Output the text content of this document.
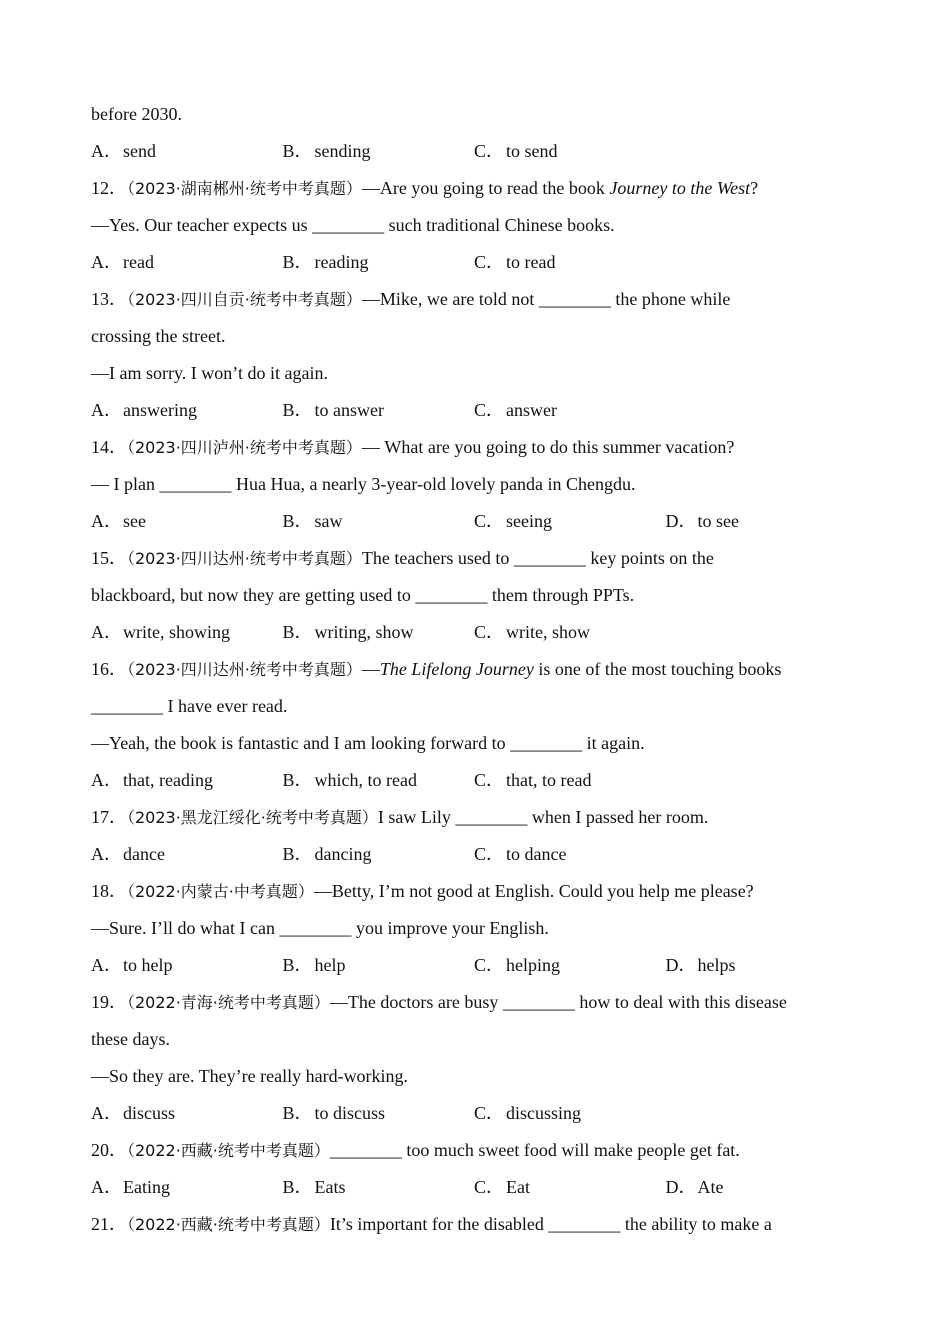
before 2030.
A．send	B． sending	C． to send
12．（2023·湖南郴州·统考中考真题）—Are you going to read the book Journey to the West?
—Yes. Our teacher expects us ________ such traditional Chinese books.
A．read	B． reading	C． to read
13．（2023·四川自贡·统考中考真题）—Mike, we are told not ________ the phone while
crossing the street.
—I am sorry. I won’t do it again.
A．answering	B． to answer	C． answer
14．（2023·四川泸州·统考中考真题）— What are you going to do this summer vacation?
— I plan ________ Hua Hua, a nearly 3-year-old lovely panda in Chengdu.
A．see	B． saw	C． seeing	D．to see
15．（2023·四川达州·统考中考真题）The teachers used to ________ key points on the
blackboard, but now they are getting used to ________ them through PPTs.
A．write, showing	B． writing, show	C． write, show
16．（2023·四川达州·统考中考真题）—The Lifelong Journey is one of the most touching books
________ I have ever read.
—Yeah, the book is fantastic and I am looking forward to ________ it again.
A．that, reading	B． which, to read	C． that, to read
17．（2023·黑龙江绥化·统考中考真题）I saw Lily ________ when I passed her room.
A．dance	B． dancing	C． to dance
18．（2022·内蒙古·中考真题）—Betty, I’m not good at English. Could you help me please?
—Sure. I’ll do what I can ________ you improve your English.
A．to help	B． help	C． helping	D．helps
19．（2022·青海·统考中考真题）—The doctors are busy ________ how to deal with this disease
these days.
—So they are. They’re really hard-working.
A．discuss	B． to discuss	C． discussing
20．（2022·西藏·统考中考真题）________ too much sweet food will make people get fat.
A．Eating	B． Eats	C． Eat	D．Ate
21．（2022·西藏·统考中考真题）It’s important for the disabled ________ the ability to make a
